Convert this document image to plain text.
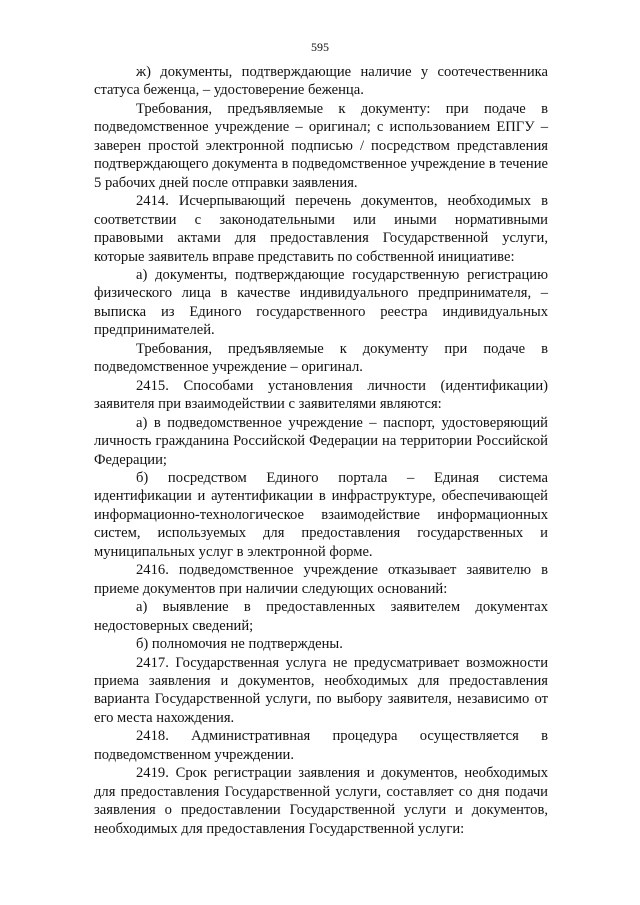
595

ж) документы, подтверждающие наличие у соотечественника статуса беженца, – удостоверение беженца.

Требования, предъявляемые к документу: при подаче в подведомственное учреждение – оригинал; с использованием ЕПГУ – заверен простой электронной подписью / посредством представления подтверждающего документа в подведомственное учреждение в течение 5 рабочих дней после отправки заявления.

2414. Исчерпывающий перечень документов, необходимых в соответствии с законодательными или иными нормативными правовыми актами для предоставления Государственной услуги, которые заявитель вправе представить по собственной инициативе:

а) документы, подтверждающие государственную регистрацию физического лица в качестве индивидуального предпринимателя, – выписка из Единого государственного реестра индивидуальных предпринимателей.

Требования, предъявляемые к документу при подаче в подведомственное учреждение – оригинал.

2415. Способами установления личности (идентификации) заявителя при взаимодействии с заявителями являются:

а) в подведомственное учреждение – паспорт, удостоверяющий личность гражданина Российской Федерации на территории Российской Федерации;

б) посредством Единого портала – Единая система идентификации и аутентификации в инфраструктуре, обеспечивающей информационно-технологическое взаимодействие информационных систем, используемых для предоставления государственных и муниципальных услуг в электронной форме.

2416. подведомственное учреждение отказывает заявителю в приеме документов при наличии следующих оснований:

а) выявление в предоставленных заявителем документах недостоверных сведений;

б) полномочия не подтверждены.

2417. Государственная услуга не предусматривает возможности приема заявления и документов, необходимых для предоставления варианта Государственной услуги, по выбору заявителя, независимо от его места нахождения.

2418. Административная процедура осуществляется в подведомственном учреждении.

2419. Срок регистрации заявления и документов, необходимых для предоставления Государственной услуги, составляет со дня подачи заявления о предоставлении Государственной услуги и документов, необходимых для предоставления Государственной услуги:
